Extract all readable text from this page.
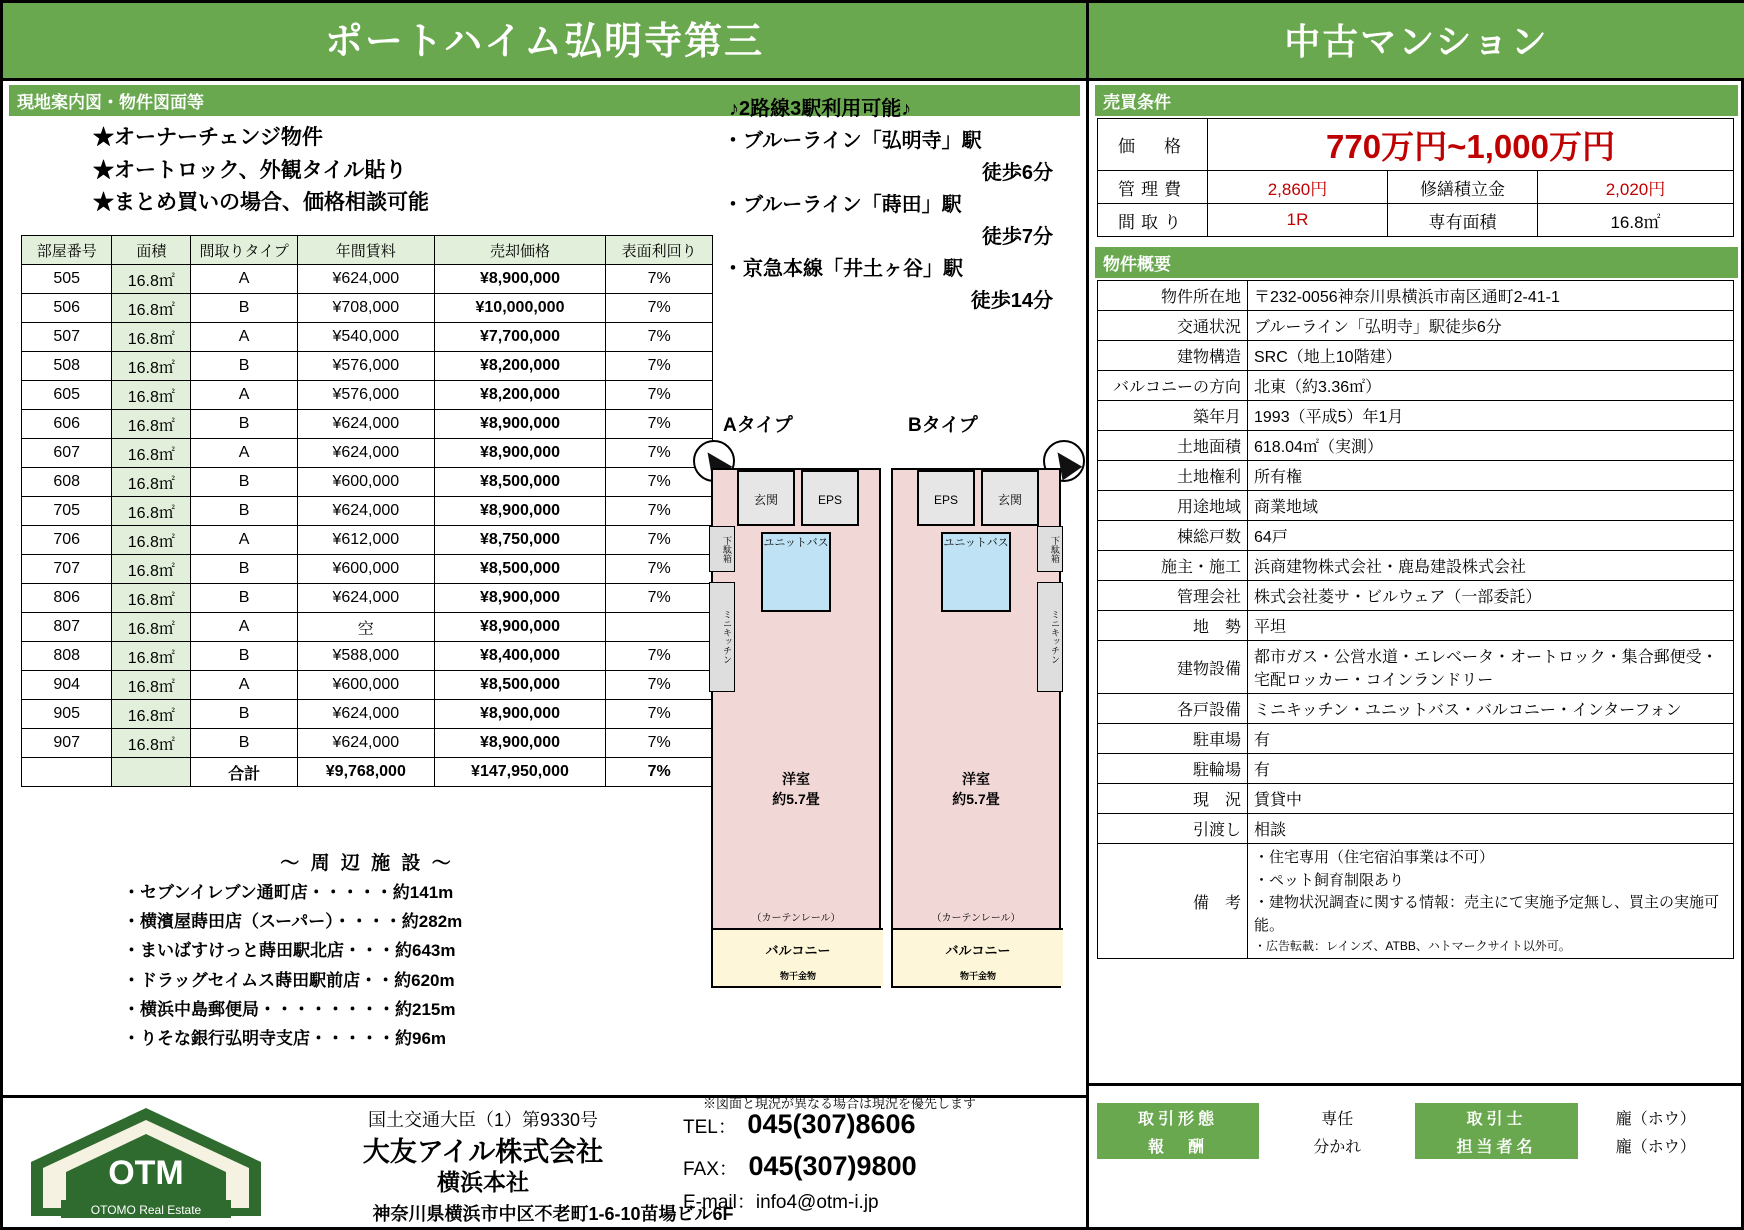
ポートハイム弘明寺第三
現地案内図・物件図面等
★オーナーチェンジ物件
★オートロック、外観タイル貼り
★まとめ買いの場合、価格相談可能
♪2路線3駅利用可能♪
・ブルーライン「弘明寺」駅
徒歩6分
・ブルーライン「蒔田」駅
徒歩7分
・京急本線「井土ヶ谷」駅
徒歩14分
部屋番号	面積	間取りタイプ	年間賃料	売却価格	表面利回り
505	16.8㎡	A	¥624,000	¥8,900,000	7%
506	16.8㎡	B	¥708,000	¥10,000,000	7%
507	16.8㎡	A	¥540,000	¥7,700,000	7%
508	16.8㎡	B	¥576,000	¥8,200,000	7%
605	16.8㎡	A	¥576,000	¥8,200,000	7%
606	16.8㎡	B	¥624,000	¥8,900,000	7%
607	16.8㎡	A	¥624,000	¥8,900,000	7%
608	16.8㎡	B	¥600,000	¥8,500,000	7%
705	16.8㎡	B	¥624,000	¥8,900,000	7%
706	16.8㎡	A	¥612,000	¥8,750,000	7%
707	16.8㎡	B	¥600,000	¥8,500,000	7%
806	16.8㎡	B	¥624,000	¥8,900,000	7%
807	16.8㎡	A	空	¥8,900,000	
808	16.8㎡	B	¥588,000	¥8,400,000	7%
904	16.8㎡	A	¥600,000	¥8,500,000	7%
905	16.8㎡	B	¥624,000	¥8,900,000	7%
907	16.8㎡	B	¥624,000	¥8,900,000	7%
		合計	¥9,768,000	¥147,950,000	7%
～ 周 辺 施 設 ～
・セブンイレブン通町店・・・・・約141m
・横濱屋蒔田店（スーパー）・・・・約282m
・まいばすけっと蒔田駅北店・・・約643m
・ドラッグセイムス蒔田駅前店・・約620m
・横浜中島郵便局・・・・・・・・約215m
・りそな銀行弘明寺支店・・・・・約96m
Aタイプ	Bタイプ
玄関	EPS
下駄箱
ミニキッチン
ユニットバス
洋室
約5.7畳
（カーテンレール）
バルコニー
物干金物
EPS	玄関
下駄箱
ミニキッチン
ユニットバス
洋室
約5.7畳
（カーテンレール）
バルコニー
物干金物
※図面と現況が異なる場合は現況を優先します
OTM
OTOMO Real Estate
国土交通大臣（1）第9330号
大友アイル株式会社
横浜本社
神奈川県横浜市中区不老町1-6-10苗場ビル6F
TEL： 045(307)8606
FAX： 045(307)9800
E-mail：info4@otm-i.jp
中古マンション
売買条件
価　格	770万円~1,000万円		
管理費	2,860円	修繕積立金	2,020円
間取り	1R	専有面積	16.8㎡
物件概要
物件所在地	〒232-0056神奈川県横浜市南区通町2-41-1
交通状況	ブルーライン「弘明寺」駅徒歩6分
建物構造	SRC（地上10階建）
バルコニーの方向	北東（約3.36㎡）
築年月	1993（平成5）年1月
土地面積	618.04㎡（実測）
土地権利	所有権
用途地域	商業地域
棟総戸数	64戸
施主・施工	浜商建物株式会社・鹿島建設株式会社
管理会社	株式会社菱サ・ビルウェア（一部委託）
地　勢	平坦
建物設備	都市ガス・公営水道・エレベータ・オートロック・集合郵便受・宅配ロッカー・コインランドリー
各戸設備	ミニキッチン・ユニットバス・バルコニー・インターフォン
駐車場	有
駐輪場	有
現　況	賃貸中
引渡し	相談
備　考	・住宅専用（住宅宿泊事業は不可）
・ペット飼育制限あり
・建物状況調査に関する情報：売主にて実施予定無し、買主の実施可能。
・広告転載：レインズ、ATBB、ハトマークサイト以外可。
取引形態	専任	取引士	龐（ホウ）
報　酬	分かれ	担当者名	龐（ホウ）
